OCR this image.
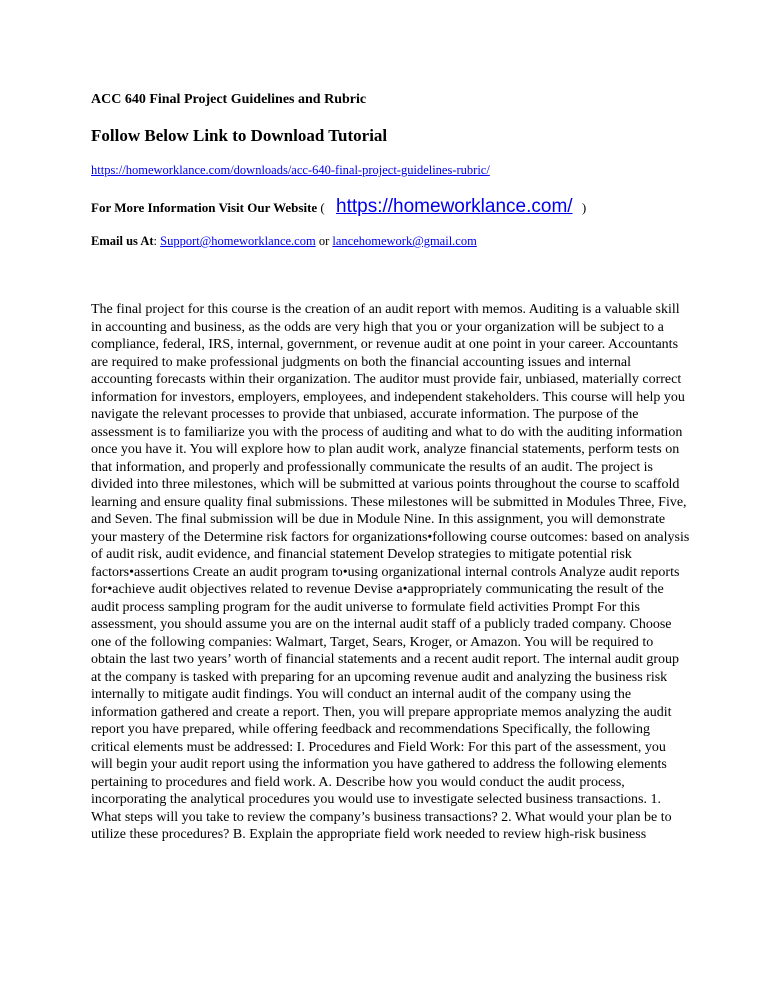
ACC 640 Final Project Guidelines and Rubric
Follow Below Link to Download Tutorial
https://homeworklance.com/downloads/acc-640-final-project-guidelines-rubric/
For More Information Visit Our Website ( https://homeworklance.com/ )
Email us At: Support@homeworklance.com or lancehomework@gmail.com
The final project for this course is the creation of an audit report with memos. Auditing is a valuable skill in accounting and business, as the odds are very high that you or your organization will be subject to a compliance, federal, IRS, internal, government, or revenue audit at one point in your career. Accountants are required to make professional judgments on both the financial accounting issues and internal accounting forecasts within their organization. The auditor must provide fair, unbiased, materially correct information for investors, employers, employees, and independent stakeholders. This course will help you navigate the relevant processes to provide that unbiased, accurate information. The purpose of the assessment is to familiarize you with the process of auditing and what to do with the auditing information once you have it. You will explore how to plan audit work, analyze financial statements, perform tests on that information, and properly and professionally communicate the results of an audit. The project is divided into three milestones, which will be submitted at various points throughout the course to scaffold learning and ensure quality final submissions. These milestones will be submitted in Modules Three, Five, and Seven. The final submission will be due in Module Nine. In this assignment, you will demonstrate your mastery of the Determine risk factors for organizations•following course outcomes: based on analysis of audit risk, audit evidence, and financial statement Develop strategies to mitigate potential risk factors•assertions Create an audit program to•using organizational internal controls Analyze audit reports for•achieve audit objectives related to revenue Devise a•appropriately communicating the result of the audit process sampling program for the audit universe to formulate field activities Prompt For this assessment, you should assume you are on the internal audit staff of a publicly traded company. Choose one of the following companies: Walmart, Target, Sears, Kroger, or Amazon. You will be required to obtain the last two years’ worth of financial statements and a recent audit report. The internal audit group at the company is tasked with preparing for an upcoming revenue audit and analyzing the business risk internally to mitigate audit findings. You will conduct an internal audit of the company using the information gathered and create a report. Then, you will prepare appropriate memos analyzing the audit report you have prepared, while offering feedback and recommendations Specifically, the following critical elements must be addressed: I. Procedures and Field Work: For this part of the assessment, you will begin your audit report using the information you have gathered to address the following elements pertaining to procedures and field work. A. Describe how you would conduct the audit process, incorporating the analytical procedures you would use to investigate selected business transactions. 1. What steps will you take to review the company’s business transactions? 2. What would your plan be to utilize these procedures? B. Explain the appropriate field work needed to review high-risk business
